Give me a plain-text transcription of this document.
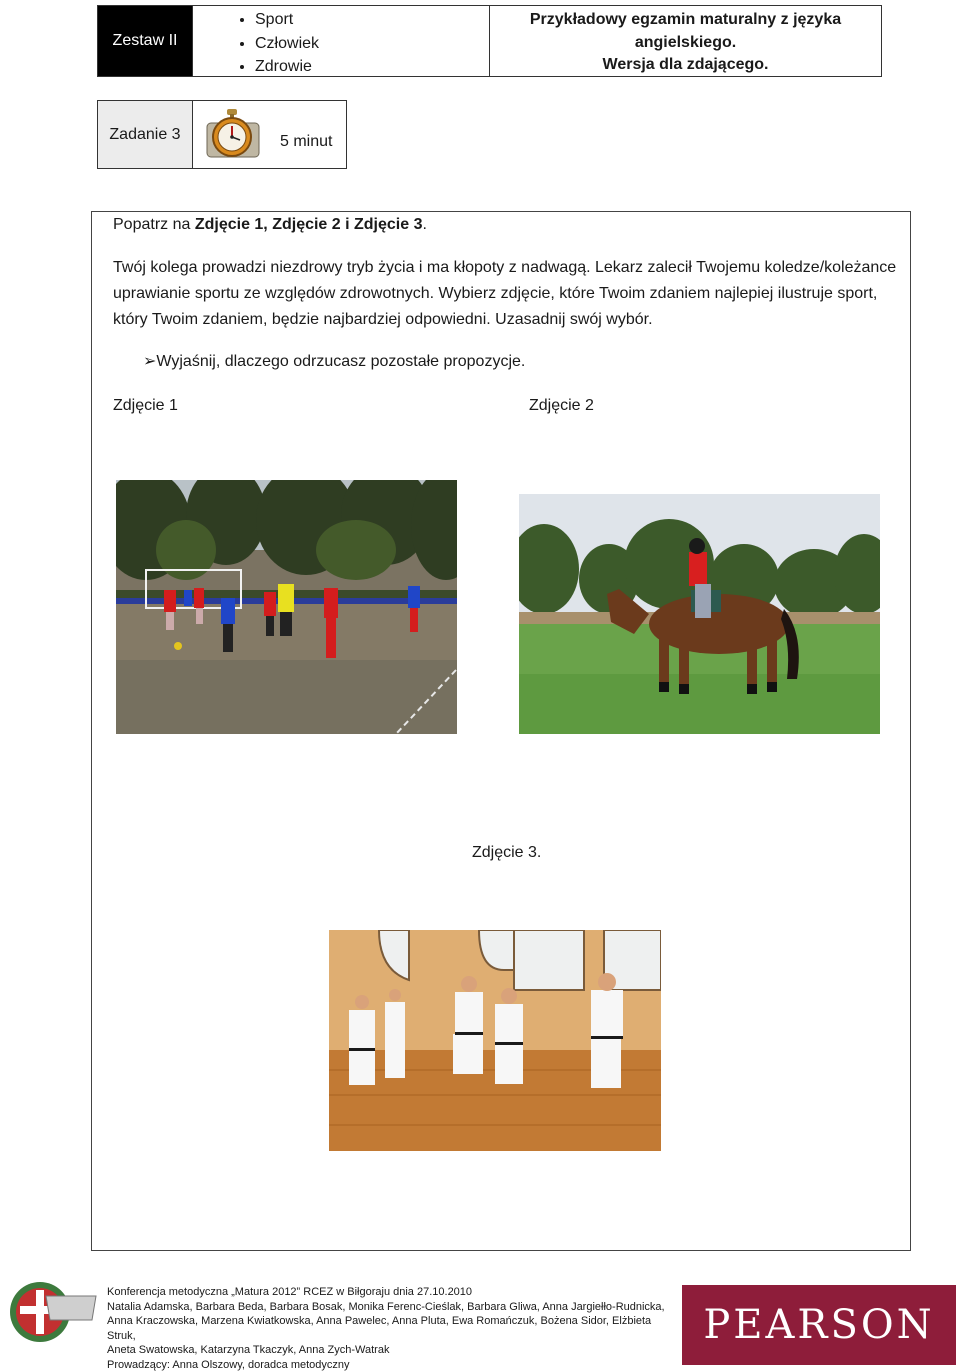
Zestaw II
• Sport
• Człowiek
• Zdrowie
Przykładowy egzamin maturalny z języka
angielskiego.
Wersja dla zdającego.
Zadanie 3	5 minut
Popatrz na Zdjęcie 1, Zdjęcie 2 i Zdjęcie 3.
Twój kolega prowadzi niezdrowy tryb życia i ma kłopoty z nadwagą. Lekarz zalecił Twojemu koledze/koleżance uprawianie sportu ze względów zdrowotnych. Wybierz zdjęcie, które Twoim zdaniem najlepiej ilustruje sport, który Twoim zdaniem, będzie najbardziej odpowiedni. Uzasadnij swój wybór.
➢Wyjaśnij, dlaczego odrzucasz pozostałe propozycje.
Zdjęcie 1	Zdjęcie 2
Zdjęcie 3.
Konferencja metodyczna „Matura 2012” RCEZ w Biłgoraju dnia 27.10.2010
Natalia Adamska, Barbara Beda, Barbara Bosak, Monika Ferenc-Cieślak, Barbara Gliwa, Anna Jargiełło-Rudnicka,
Anna Kraczowska, Marzena Kwiatkowska, Anna Pawelec, Anna Pluta, Ewa Romańczuk, Bożena Sidor, Elżbieta Struk,
Aneta Swatowska, Katarzyna Tkaczyk, Anna Zych-Watrak
Prowadzący: Anna Olszowy, doradca metodyczny
PEARSON
